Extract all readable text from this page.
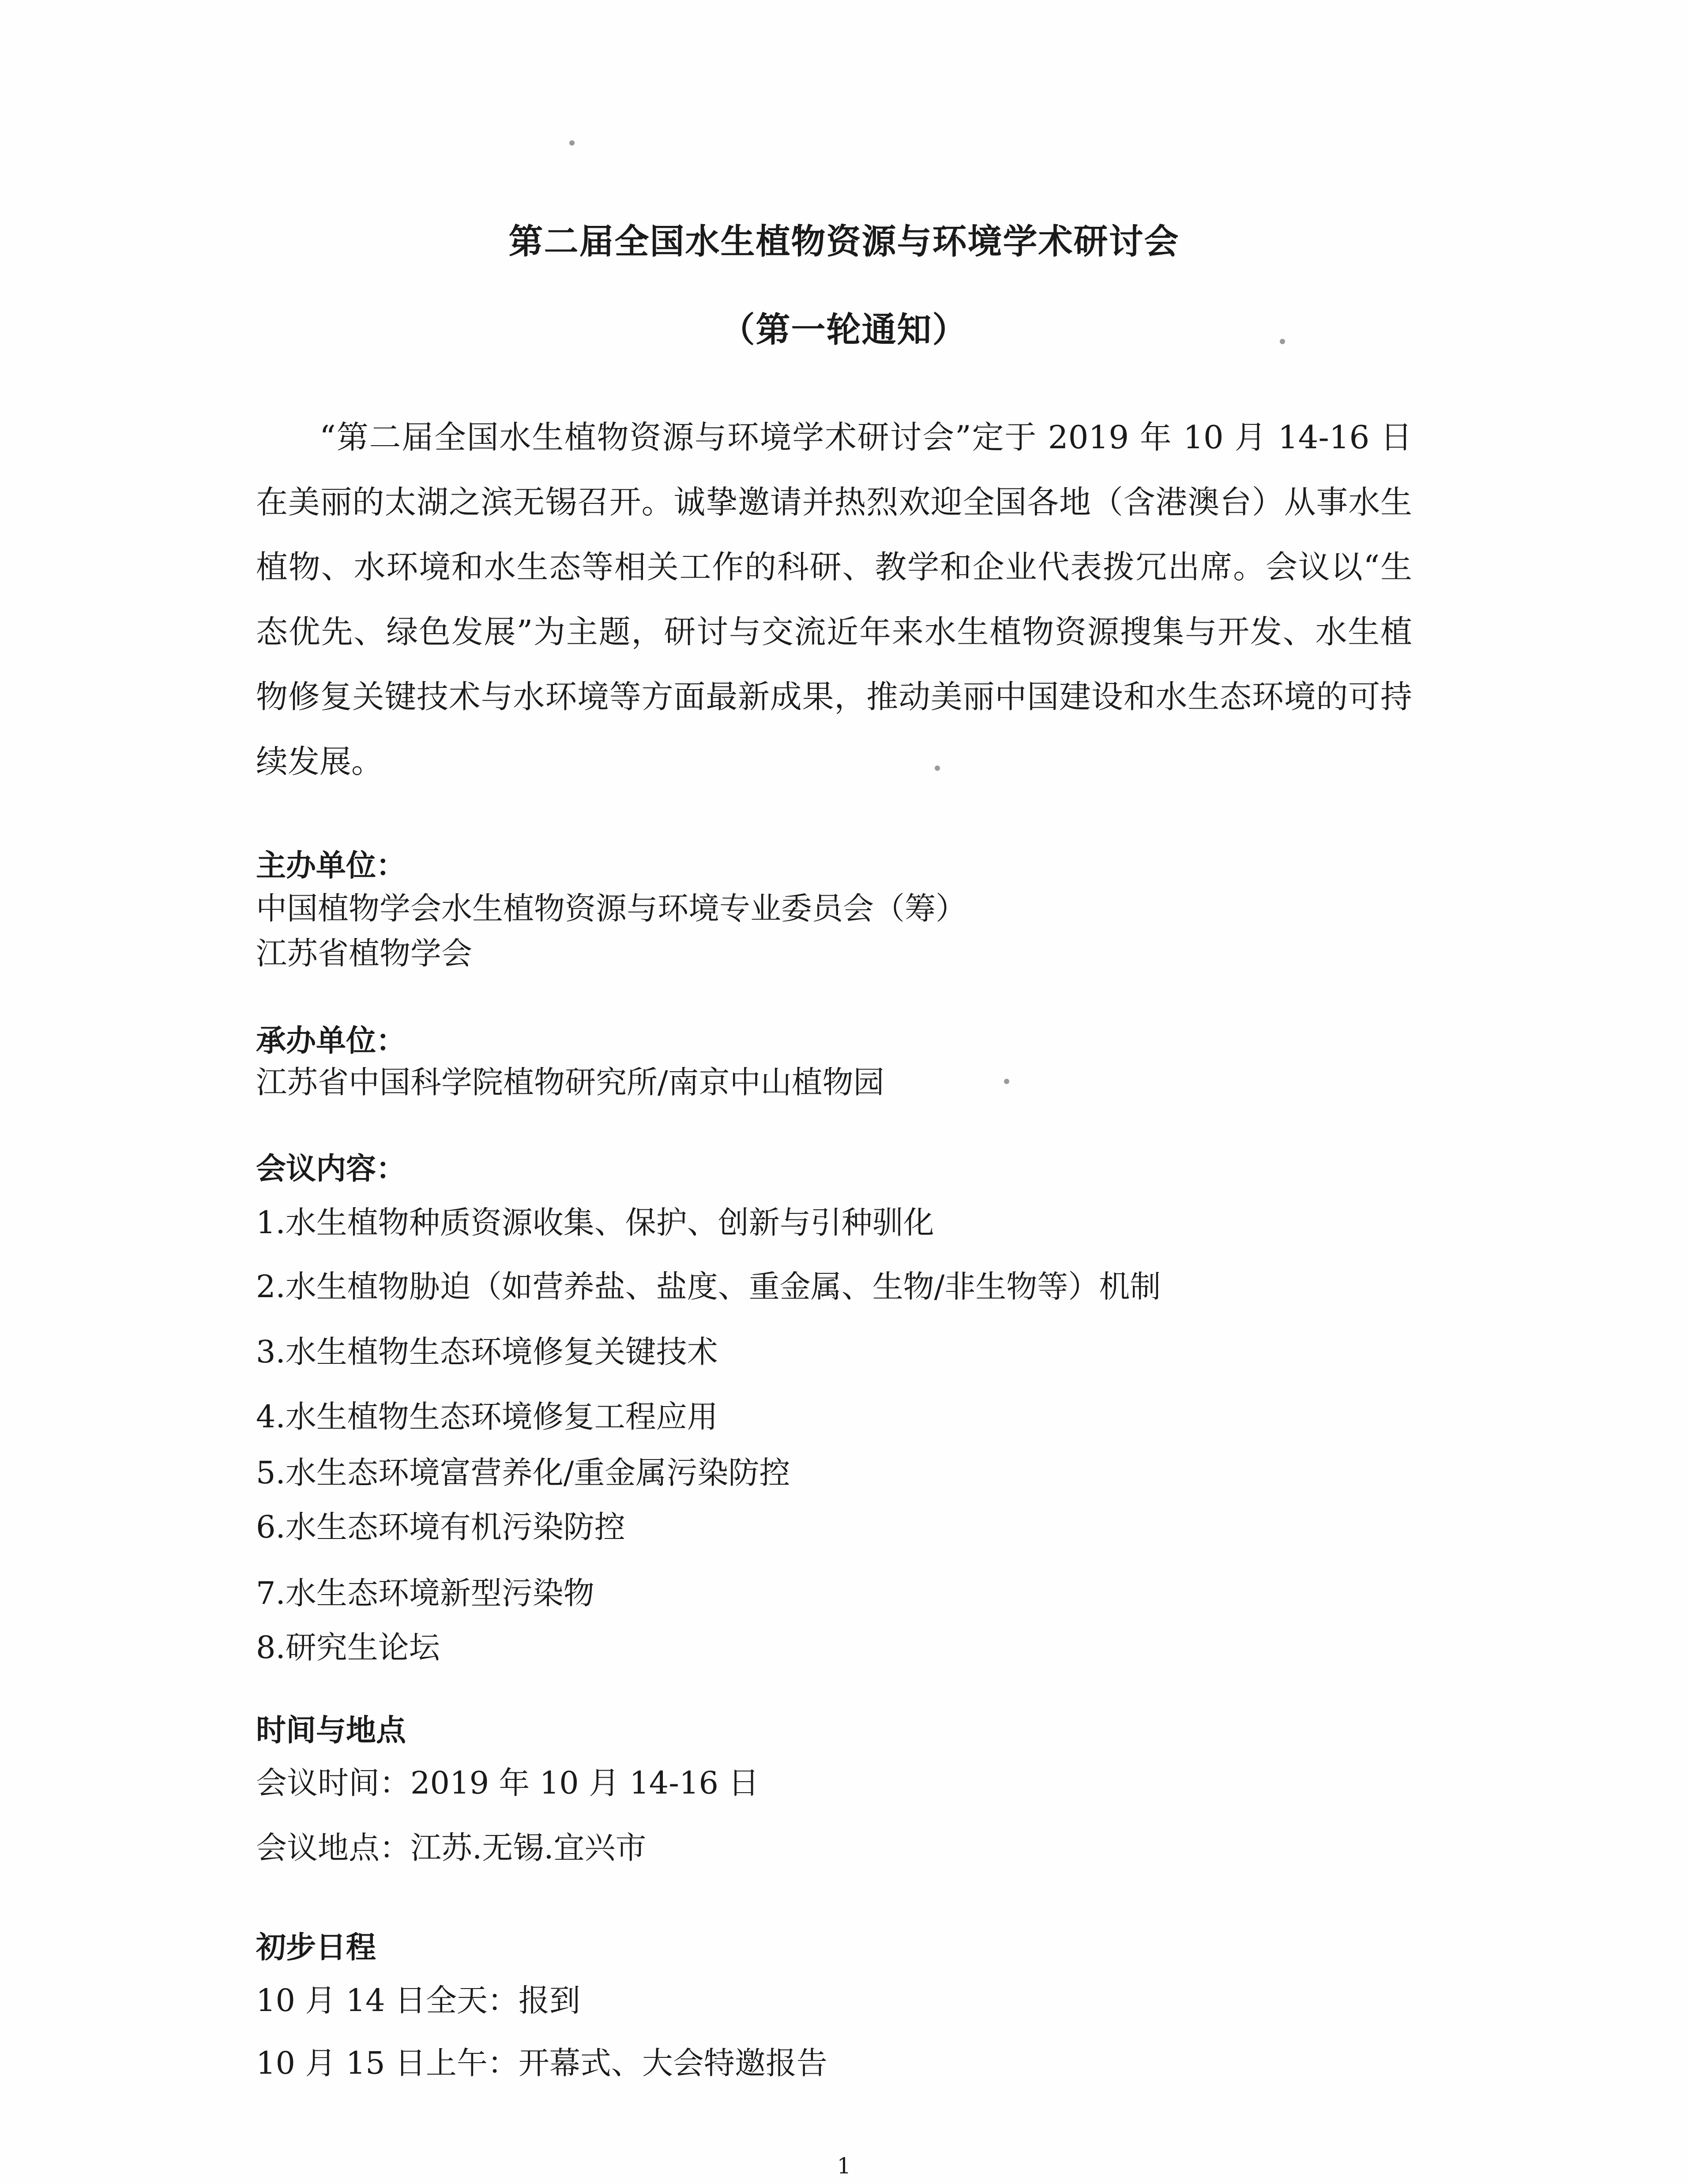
第二届全国水生植物资源与环境学术研讨会
（第一轮通知）

“第二届全国水生植物资源与环境学术研讨会”定于 2019 年 10 月 14-16 日在美丽的太湖之滨无锡召开。诚挚邀请并热烈欢迎全国各地（含港澳台）从事水生植物、水环境和水生态等相关工作的科研、教学和企业代表拨冗出席。会议以“生态优先、绿色发展”为主题，研讨与交流近年来水生植物资源搜集与开发、水生植物修复关键技术与水环境等方面最新成果，推动美丽中国建设和水生态环境的可持续发展。

主办单位：
中国植物学会水生植物资源与环境专业委员会（筹）
江苏省植物学会
承办单位：
江苏省中国科学院植物研究所/南京中山植物园
会议内容：
1.水生植物种质资源收集、保护、创新与引种驯化
2.水生植物胁迫（如营养盐、盐度、重金属、生物/非生物等）机制
3.水生植物生态环境修复关键技术
4.水生植物生态环境修复工程应用
5.水生态环境富营养化/重金属污染防控
6.水生态环境有机污染防控
7.水生态环境新型污染物
8.研究生论坛
时间与地点
会议时间：2019 年 10 月 14-16 日
会议地点：江苏.无锡.宜兴市
初步日程
10 月 14 日全天：报到
10 月 15 日上午：开幕式、大会特邀报告
1
